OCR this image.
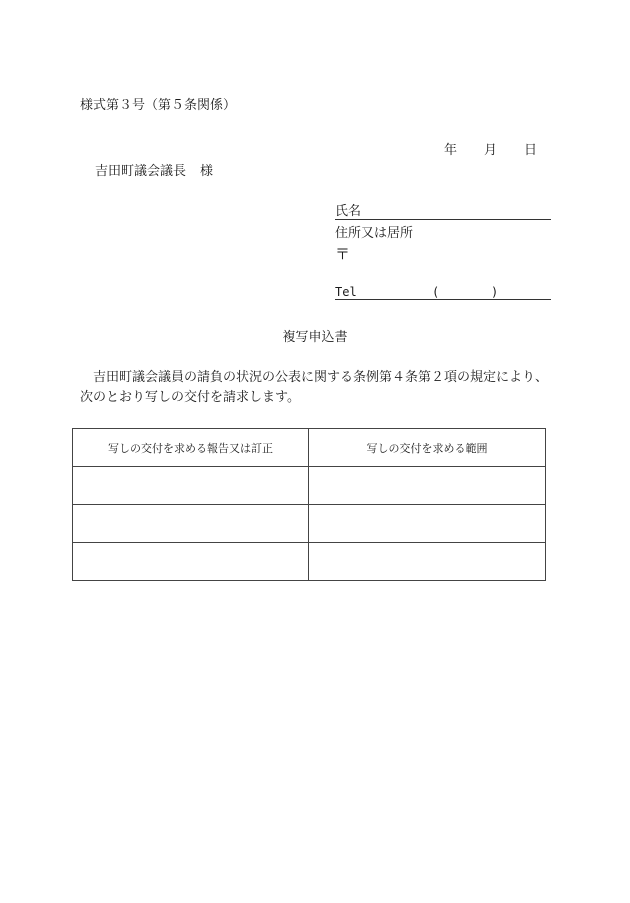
様式第３号（第５条関係）
年 月 日
吉田町議会議長 様
氏名
住所又は居所
〒
Tel	(	)
複写申込書
吉田町議会議員の請負の状況の公表に関する条例第４条第２項の規定により、
次のとおり写しの交付を請求します。
写しの交付を求める報告又は訂正	写しの交付を求める範囲
